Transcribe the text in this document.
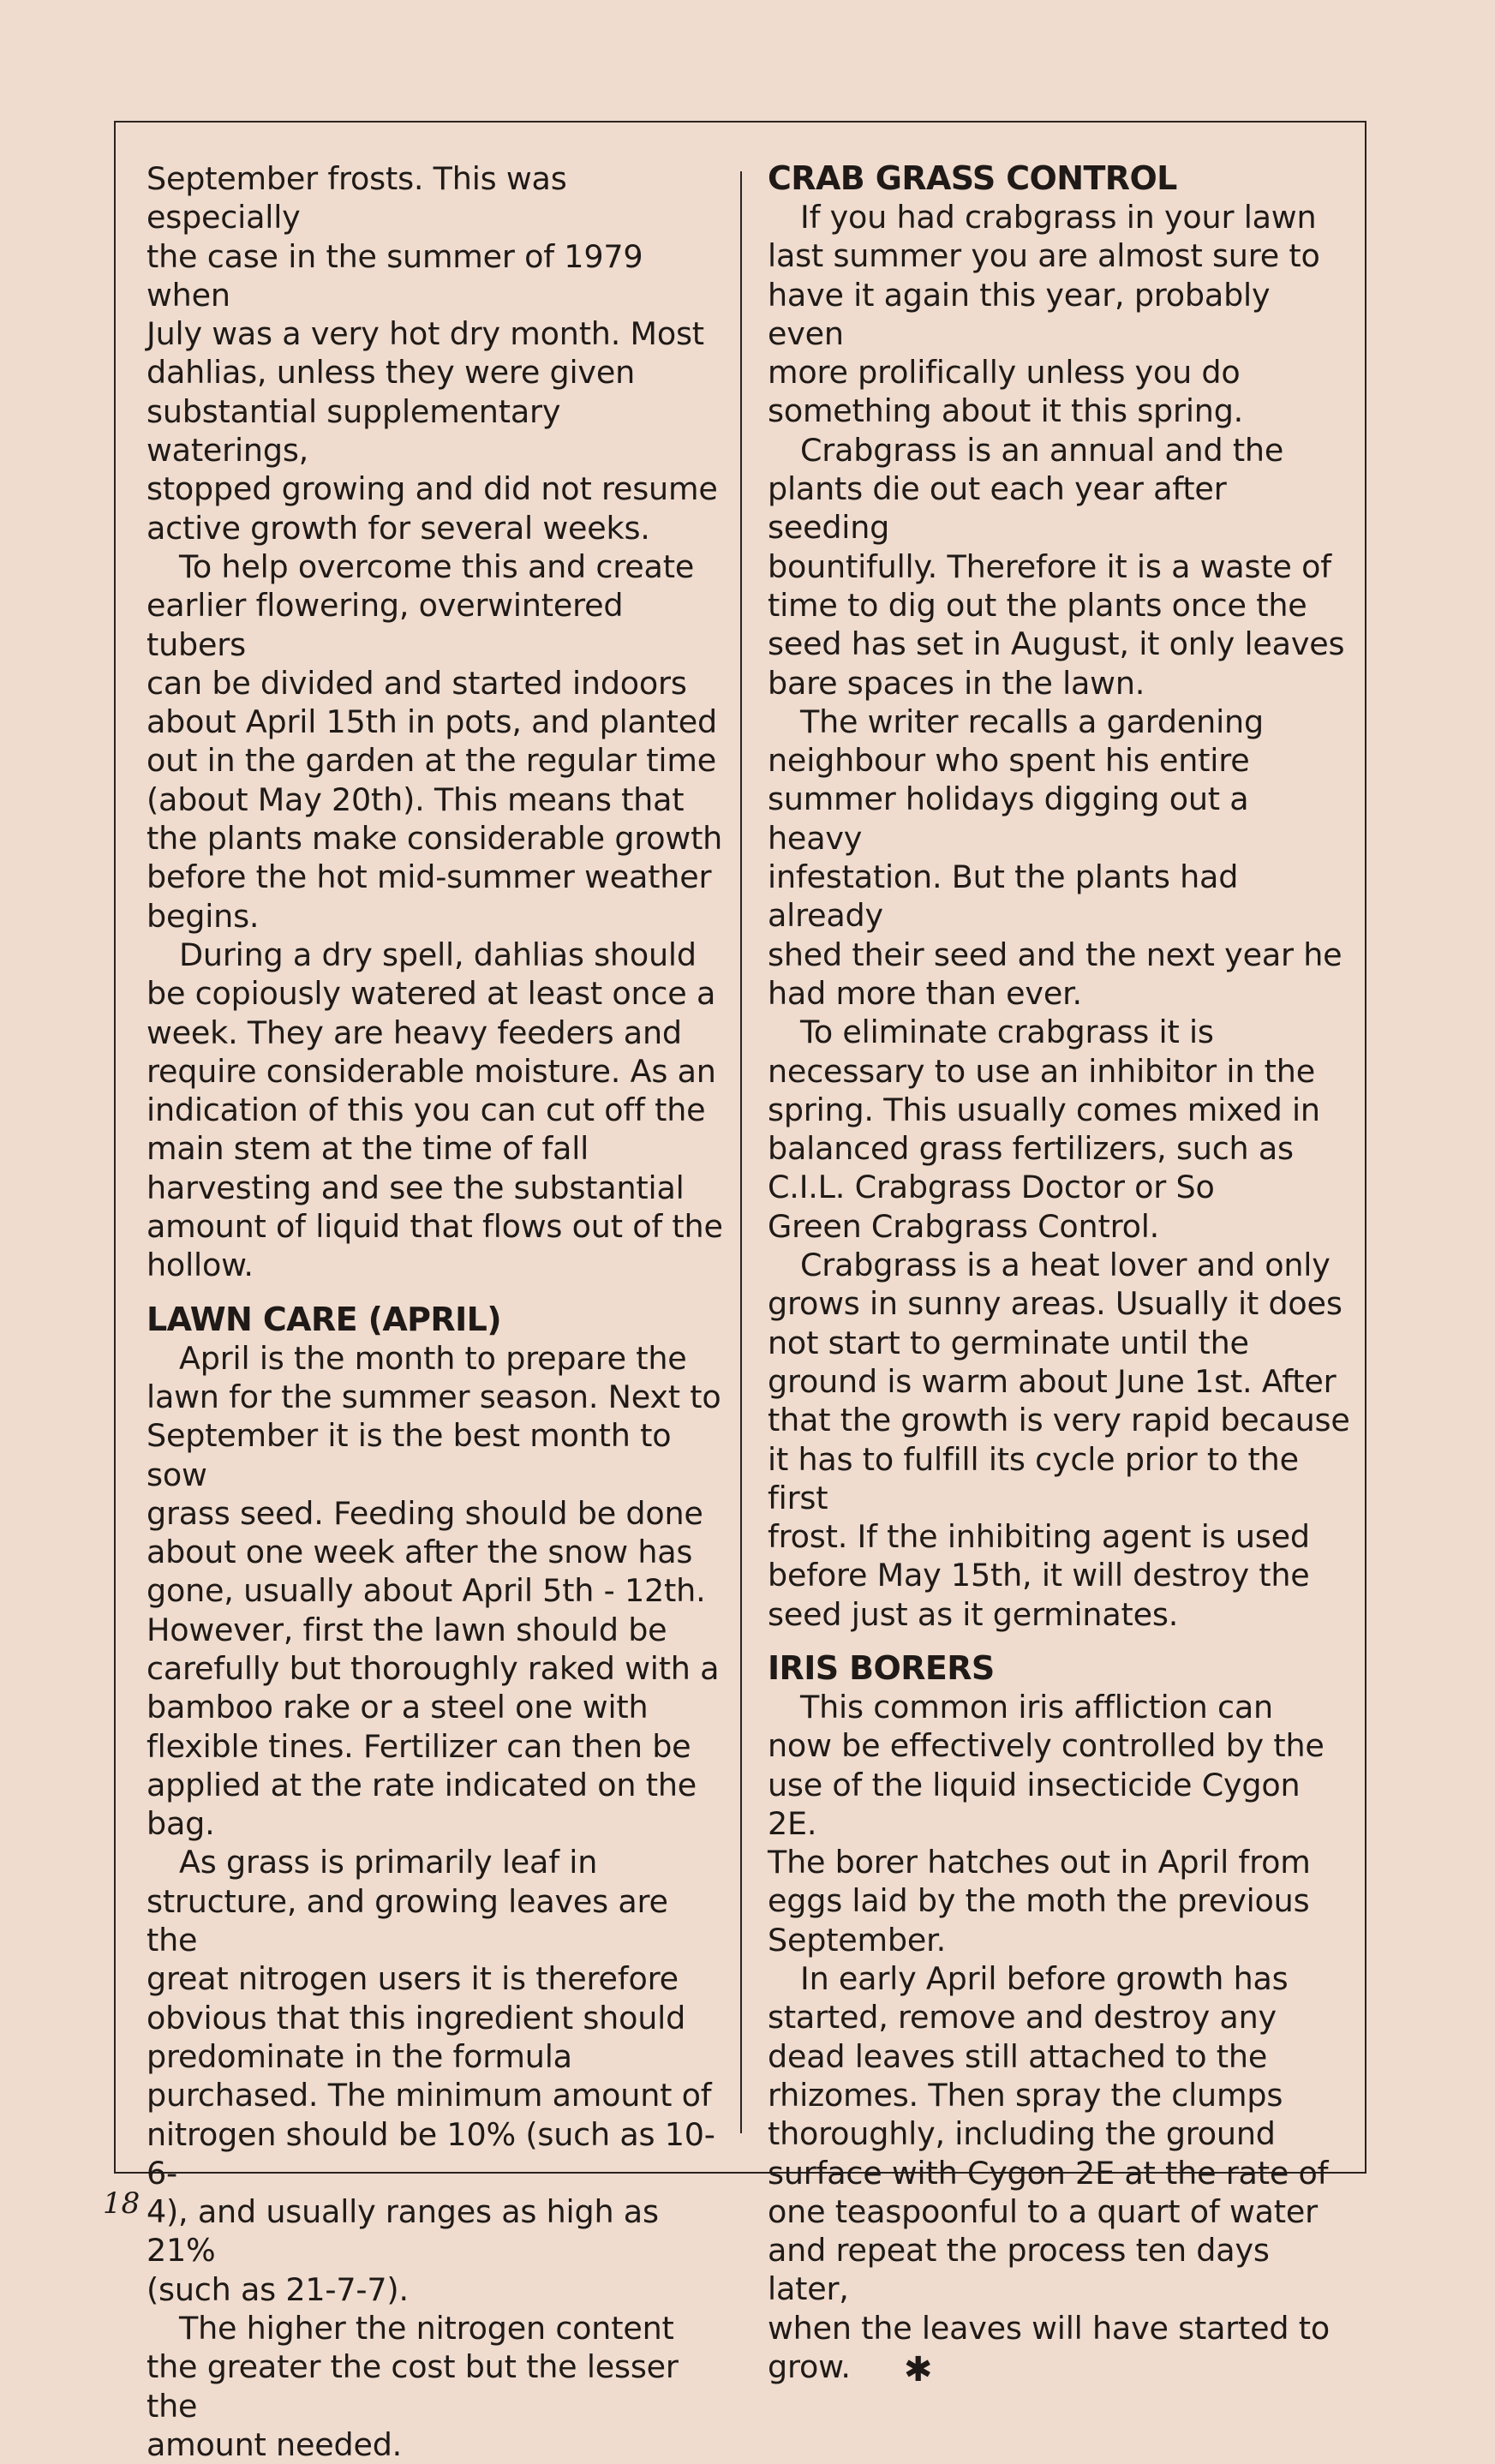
September frosts. This was especially
the case in the summer of 1979 when
July was a very hot dry month. Most
dahlias, unless they were given
substantial supplementary waterings,
stopped growing and did not resume
active growth for several weeks.

To help overcome this and create
earlier flowering, overwintered tubers
can be divided and started indoors
about April 15th in pots, and planted
out in the garden at the regular time
(about May 20th). This means that
the plants make considerable growth
before the hot mid-summer weather
begins.

During a dry spell, dahlias should
be copiously watered at least once a
week. They are heavy feeders and
require considerable moisture. As an
indication of this you can cut off the
main stem at the time of fall
harvesting and see the substantial
amount of liquid that flows out of the
hollow.

LAWN CARE (APRIL)

April is the month to prepare the
lawn for the summer season. Next to
September it is the best month to sow
grass seed. Feeding should be done
about one week after the snow has
gone, usually about April 5th - 12th.
However, first the lawn should be
carefully but thoroughly raked with a
bamboo rake or a steel one with
flexible tines. Fertilizer can then be
applied at the rate indicated on the
bag.

As grass is primarily leaf in
structure, and growing leaves are the
great nitrogen users it is therefore
obvious that this ingredient should
predominate in the formula
purchased. The minimum amount of
nitrogen should be 10% (such as 10-6-
4), and usually ranges as high as 21%
(such as 21-7-7).

The higher the nitrogen content
the greater the cost but the lesser the
amount needed.

CRAB GRASS CONTROL

If you had crabgrass in your lawn
last summer you are almost sure to
have it again this year, probably even
more prolifically unless you do
something about it this spring.

Crabgrass is an annual and the
plants die out each year after seeding
bountifully. Therefore it is a waste of
time to dig out the plants once the
seed has set in August, it only leaves
bare spaces in the lawn.

The writer recalls a gardening
neighbour who spent his entire
summer holidays digging out a heavy
infestation. But the plants had already
shed their seed and the next year he
had more than ever.

To eliminate crabgrass it is
necessary to use an inhibitor in the
spring. This usually comes mixed in
balanced grass fertilizers, such as
C.I.L. Crabgrass Doctor or So
Green Crabgrass Control.

Crabgrass is a heat lover and only
grows in sunny areas. Usually it does
not start to germinate until the
ground is warm about June 1st. After
that the growth is very rapid because
it has to fulfill its cycle prior to the first
frost. If the inhibiting agent is used
before May 15th, it will destroy the
seed just as it germinates.

IRIS BORERS

This common iris affliction can
now be effectively controlled by the
use of the liquid insecticide Cygon 2E.
The borer hatches out in April from
eggs laid by the moth the previous
September.

In early April before growth has
started, remove and destroy any
dead leaves still attached to the
rhizomes. Then spray the clumps
thoroughly, including the ground
surface with Cygon 2E at the rate of
one teaspoonful to a quart of water
and repeat the process ten days later,
when the leaves will have started to
grow. ✱

18
